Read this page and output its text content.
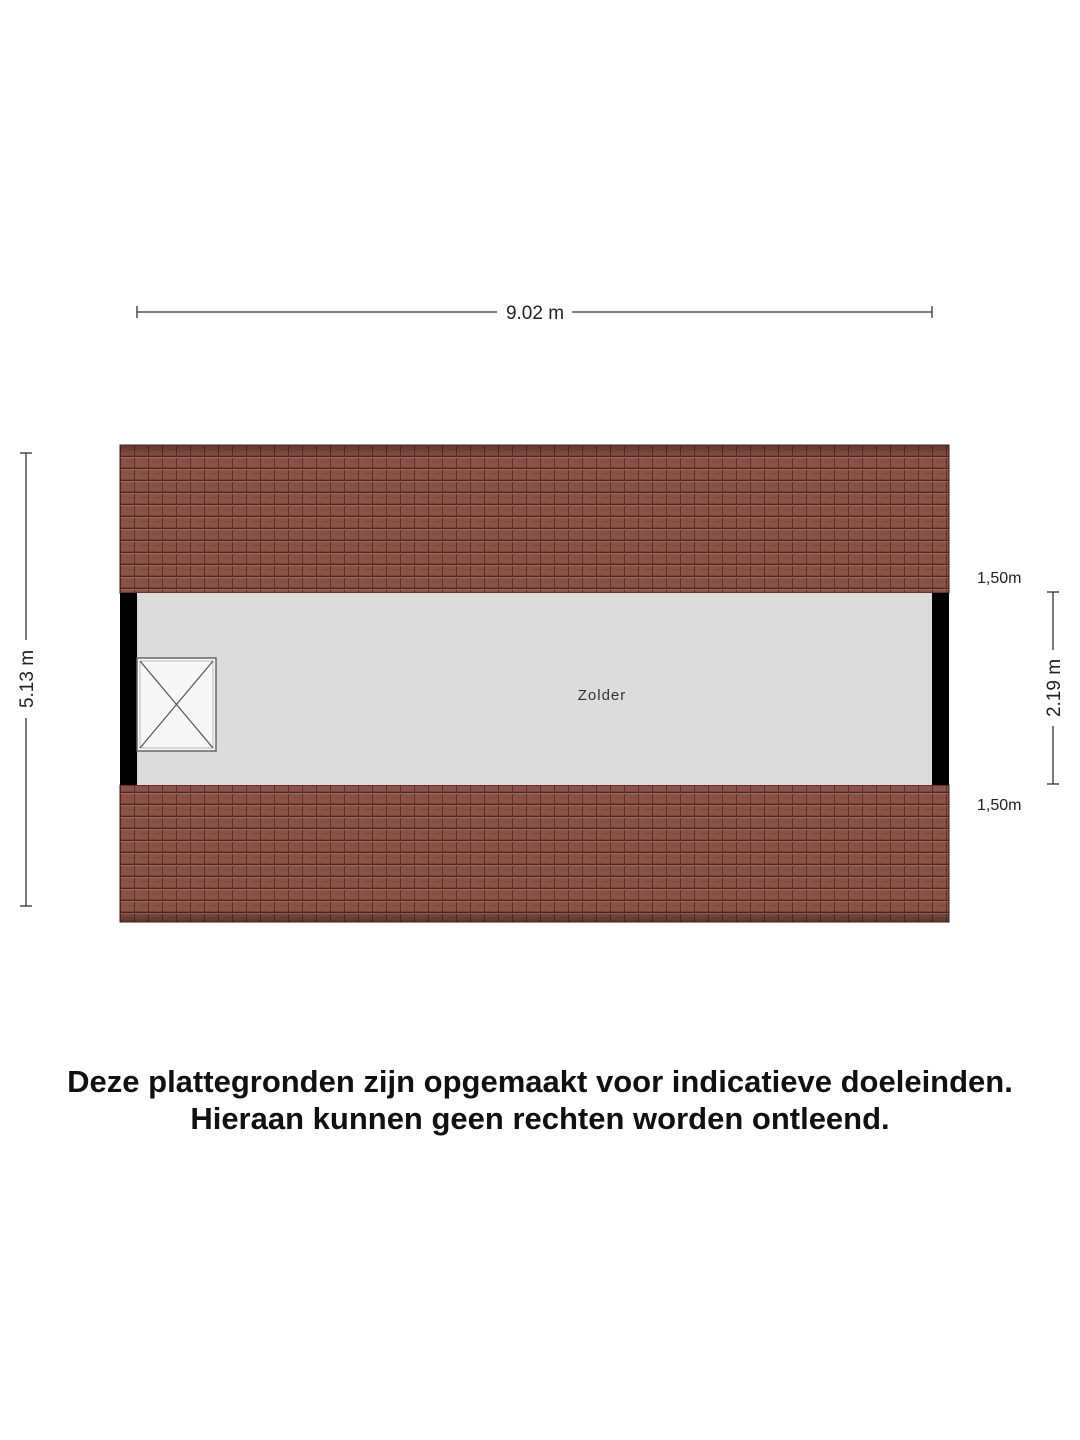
9.02 m
5.13 m	2.19 m
1,50m
1,50m
Zolder
Deze plattegronden zijn opgemaakt voor indicatieve doeleinden.
Hieraan kunnen geen rechten worden ontleend.
